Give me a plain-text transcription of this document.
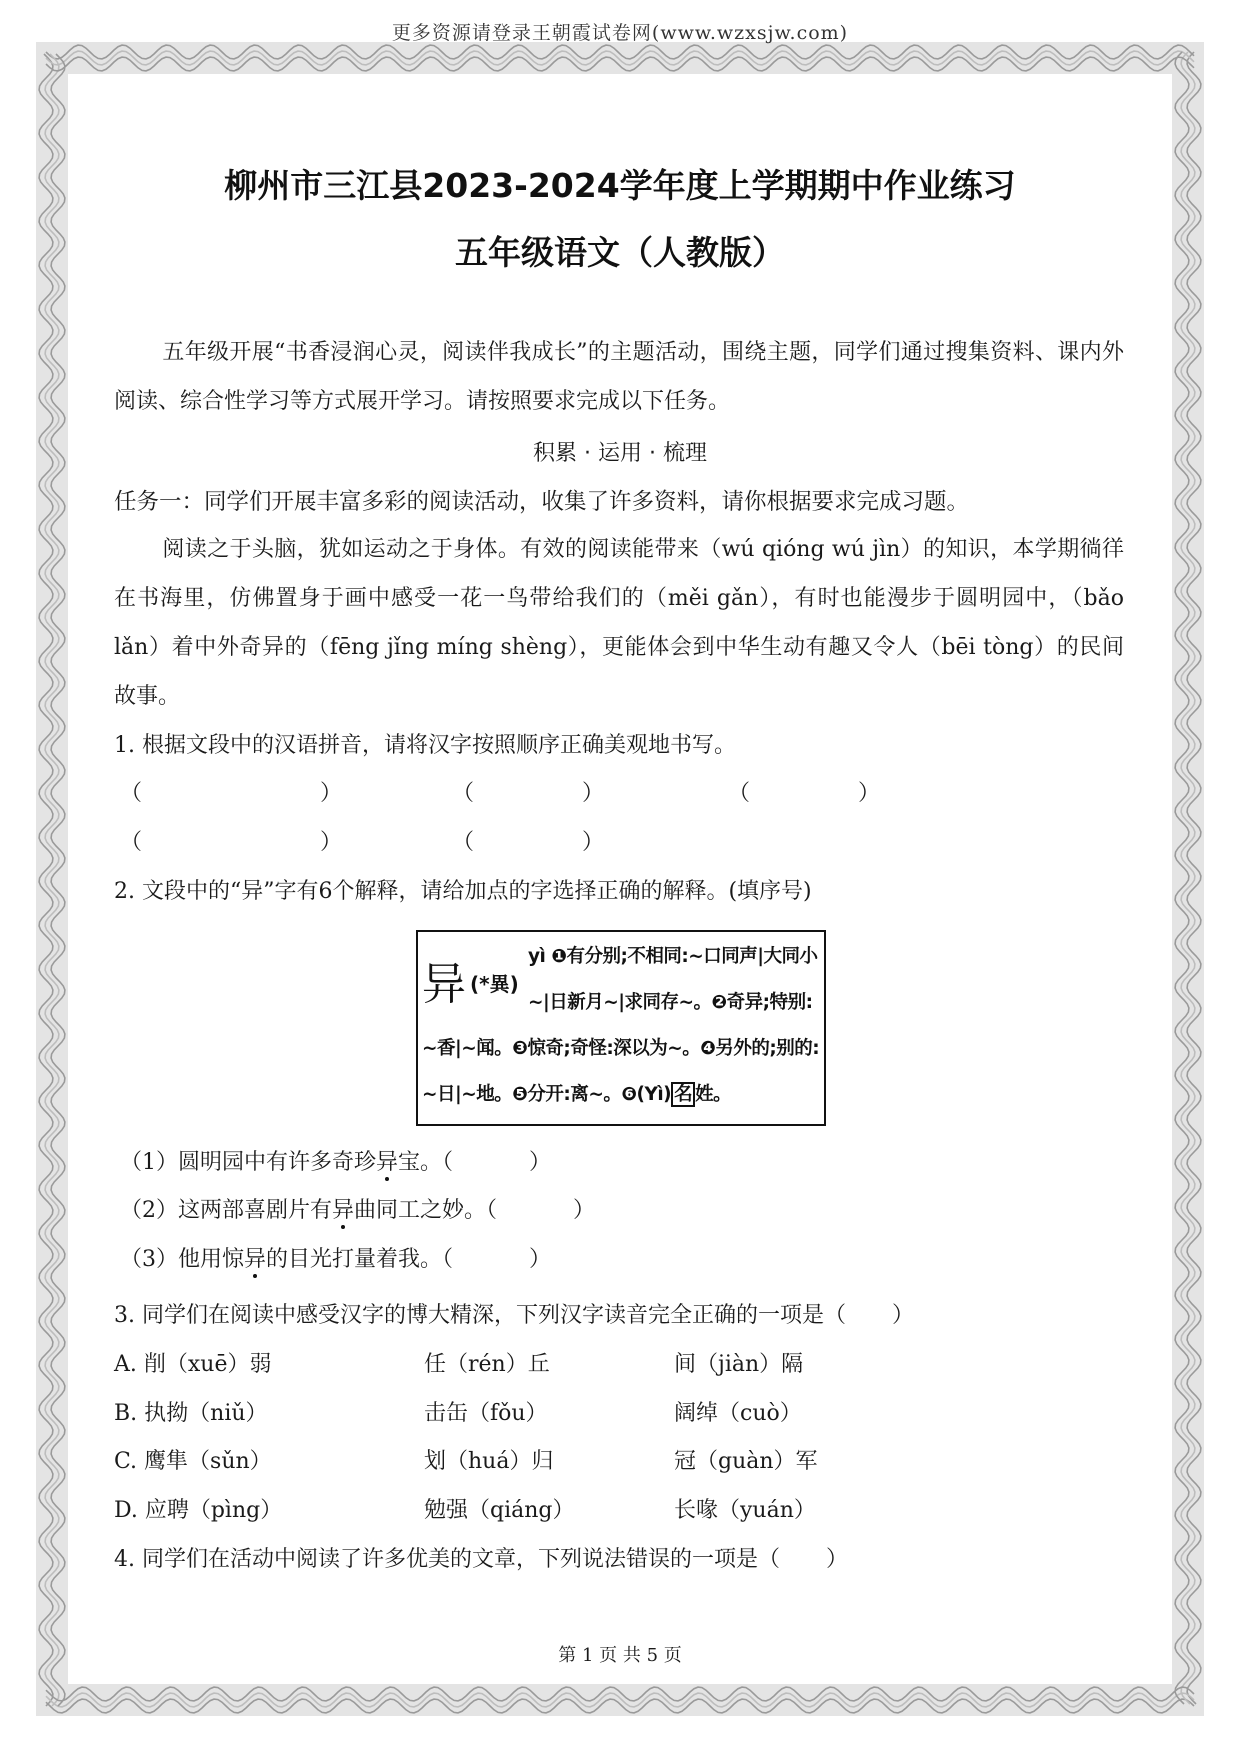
更多资源请登录王朝霞试卷网(www.wzxsjw.com)
柳州市三江县2023-2024学年度上学期期中作业练习
五年级语文（人教版）
五年级开展“书香浸润心灵，阅读伴我成长”的主题活动，围绕主题，同学们通过搜集资料、课内外阅读、综合性学习等方式展开学习。请按照要求完成以下任务。
积累 · 运用 · 梳理
任务一：同学们开展丰富多彩的阅读活动，收集了许多资料，请你根据要求完成习题。
阅读之于头脑，犹如运动之于身体。有效的阅读能带来（wú qióng wú jìn）的知识，本学期徜徉在书海里，仿佛置身于画中感受一花一鸟带给我们的（měi gǎn），有时也能漫步于圆明园中，（bǎo lǎn）着中外奇异的（fēng jǐng míng shèng），更能体会到中华生动有趣又令人（bēi tòng）的民间故事。
1. 根据文段中的汉语拼音，请将汉字按照顺序正确美观地书写。
（	）	（	）	（	）
（	）	（	）
2. 文段中的“异”字有6个解释，请给加点的字选择正确的解释。(填序号)
异 (*異)
yì ❶有分别;不相同:~口同声|大同小
~|日新月~|求同存~。❷奇异;特别:
~香|~闻。❸惊奇;奇怪:深以为~。❹另外的;别的:
~日|~地。❺分开:离~。❻(Yì) 名 姓。
（1）圆明园中有许多奇珍异宝。（	）
（2）这两部喜剧片有异曲同工之妙。（	）
（3）他用惊异的目光打量着我。（	）
3. 同学们在阅读中感受汉字的博大精深，下列汉字读音完全正确的一项是（ ）
A. 削（xuē）弱	任（rén）丘	间（jiàn）隔
B. 执拗（niǔ）	击缶（fǒu）	阔绰（cuò）
C. 鹰隼（sǔn）	划（huá）归	冠（guàn）军
D. 应聘（pìng）	勉强（qiáng）	长喙（yuán）
4. 同学们在活动中阅读了许多优美的文章，下列说法错误的一项是（ ）
第 1 页 共 5 页
